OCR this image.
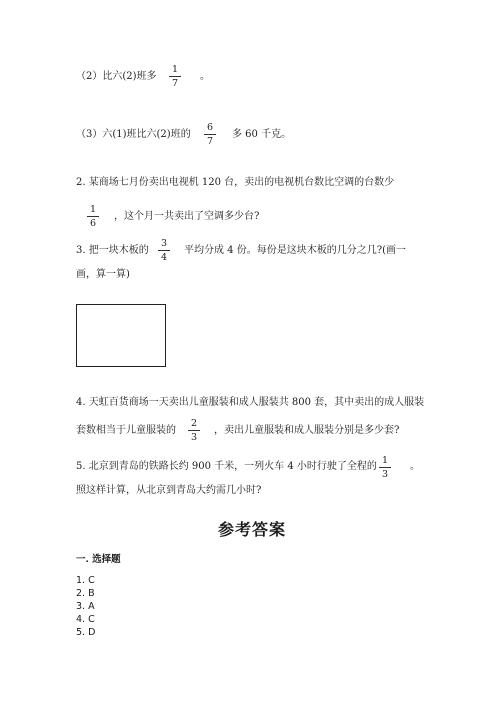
（2）比六(2)班多
1
7
。
（3）六(1)班比六(2)班的
6
7
多 60 千克。
2. 某商场七月份卖出电视机 120 台，卖出的电视机台数比空调的台数少
1
6
，这个月一共卖出了空调多少台?
3. 把一块木板的
3
4
平均分成 4 份。每份是这块木板的几分之几?(画一
画，算一算)
4. 天虹百货商场一天卖出儿童服装和成人服装共 800 套，其中卖出的成人服装
套数相当于儿童服装的
2
3
，卖出儿童服装和成人服装分别是多少套?
5. 北京到青岛的铁路长约 900 千米，一列火车 4 小时行驶了全程的
1
3
。
照这样计算，从北京到青岛大约需几小时?
参考答案
一. 选择题
1. C
2. B
3. A
4. C
5. D
